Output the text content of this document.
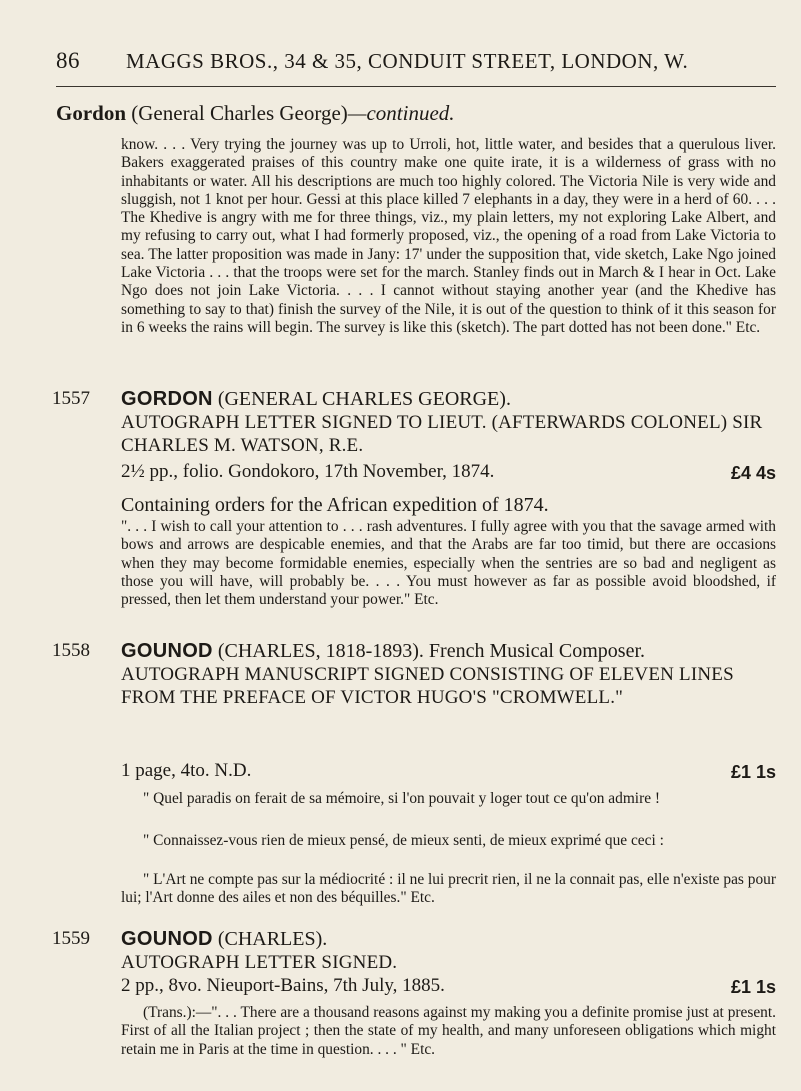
86 MAGGS BROS., 34 & 35, CONDUIT STREET, LONDON, W.
Gordon (General Charles George)—continued.

know. . . . Very trying the journey was up to Urroli, hot, little water, and besides that a querulous liver. Bakers exaggerated praises of this country make one quite irate, it is a wilderness of grass with no inhabitants or water. All his descriptions are much too highly colored. The Victoria Nile is very wide and sluggish, not 1 knot per hour. Gessi at this place killed 7 elephants in a day, they were in a herd of 60. . . . The Khedive is angry with me for three things, viz., my plain letters, my not exploring Lake Albert, and my refusing to carry out, what I had formerly proposed, viz., the opening of a road from Lake Victoria to sea. The latter proposition was made in Jany: 17' under the supposition that, vide sketch, Lake Ngo joined Lake Victoria . . . that the troops were set for the march. Stanley finds out in March & I hear in Oct. Lake Ngo does not join Lake Victoria. . . . I cannot without staying another year (and the Khedive has something to say to that) finish the survey of the Nile, it is out of the question to think of it this season for in 6 weeks the rains will begin. The survey is like this (sketch). The part dotted has not been done." Etc.

1557 GORDON (GENERAL CHARLES GEORGE).
AUTOGRAPH LETTER SIGNED TO LIEUT. (AFTERWARDS COLONEL) SIR CHARLES M. WATSON, R.E.
2½ pp., folio. Gondokoro, 17th November, 1874.	£4 4s
Containing orders for the African expedition of 1874.

". . . I wish to call your attention to . . . rash adventures. I fully agree with you that the savage armed with bows and arrows are despicable enemies, and that the Arabs are far too timid, but there are occasions when they may become formidable enemies, especially when the sentries are so bad and negligent as those you will have, will probably be. . . . You must however as far as possible avoid bloodshed, if pressed, then let them understand your power." Etc.

1558 GOUNOD (CHARLES, 1818-1893). French Musical Composer.
AUTOGRAPH MANUSCRIPT SIGNED CONSISTING OF ELEVEN LINES FROM THE PREFACE OF VICTOR HUGO'S "CROMWELL."
1 page, 4to. N.D.	£1 1s

" Quel paradis on ferait de sa mémoire, si l'on pouvait y loger tout ce qu'on admire !

" Connaissez-vous rien de mieux pensé, de mieux senti, de mieux exprimé que ceci :

" L'Art ne compte pas sur la médiocrité : il ne lui precrit rien, il ne la connait pas, elle n'existe pas pour lui; l'Art donne des ailes et non des béquilles." Etc.

1559 GOUNOD (CHARLES).
AUTOGRAPH LETTER SIGNED.
2 pp., 8vo. Nieuport-Bains, 7th July, 1885.	£1 1s

(Trans.):—". . . There are a thousand reasons against my making you a definite promise just at present. First of all the Italian project ; then the state of my health, and many unforeseen obligations which might retain me in Paris at the time in question. . . . " Etc.
